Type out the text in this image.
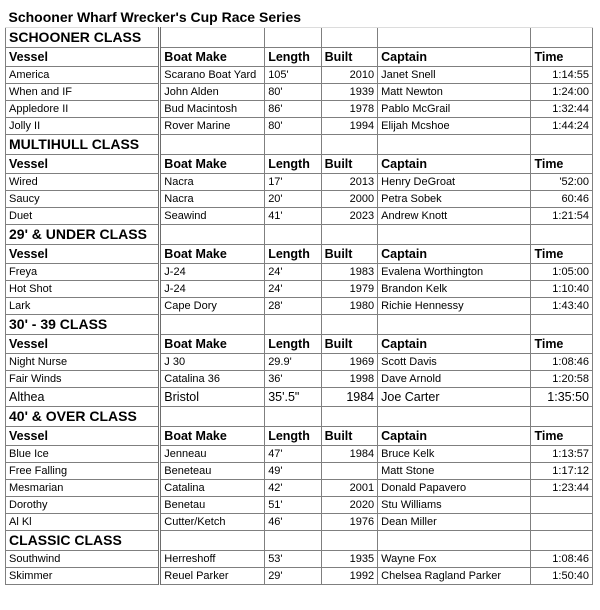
Schooner Wharf Wrecker's Cup Race Series					
SCHOONER CLASS					
Vessel	Boat Make	Length	Built	Captain	Time
America	Scarano Boat Yard	105'	2010	Janet Snell	1:14:55
When and IF	John Alden	80'	1939	Matt Newton	1:24:00
Appledore II	Bud Macintosh	86'	1978	Pablo McGrail	1:32:44
Jolly II	Rover Marine	80'	1994	Elijah Mcshoe	1:44:24
MULTIHULL CLASS					
Vessel	Boat Make	Length	Built	Captain	Time
Wired	Nacra	17'	2013	Henry DeGroat	'52:00
Saucy	Nacra	20'	2000	Petra Sobek	60:46
Duet	Seawind	41'	2023	Andrew Knott	1:21:54
29' & UNDER CLASS					
Vessel	Boat Make	Length	Built	Captain	Time
Freya	J-24	24'	1983	Evalena Worthington	1:05:00
Hot Shot	J-24	24'	1979	Brandon Kelk	1:10:40
Lark	Cape Dory	28'	1980	Richie Hennessy	1:43:40
30' - 39 CLASS					
Vessel	Boat Make	Length	Built	Captain	Time
Night Nurse	J 30	29.9'	1969	Scott Davis	1:08:46
Fair Winds	Catalina 36	36'	1998	Dave Arnold	1:20:58
Althea	Bristol	35'.5"	1984	Joe Carter	1:35:50
40' & OVER CLASS					
Vessel	Boat Make	Length	Built	Captain	Time
Blue Ice	Jenneau	47'	1984	Bruce Kelk	1:13:57
Free Falling	Beneteau	49'		Matt Stone	1:17:12
Mesmarian	Catalina	42'	2001	Donald Papavero	1:23:44
Dorothy	Benetau	51'	2020	Stu Williams	
Al Kl	Cutter/Ketch	46'	1976	Dean Miller	
CLASSIC CLASS					
Southwind	Herreshoff	53'	1935	Wayne Fox	1:08:46
Skimmer	Reuel Parker	29'	1992	Chelsea Ragland Parker	1:50:40
